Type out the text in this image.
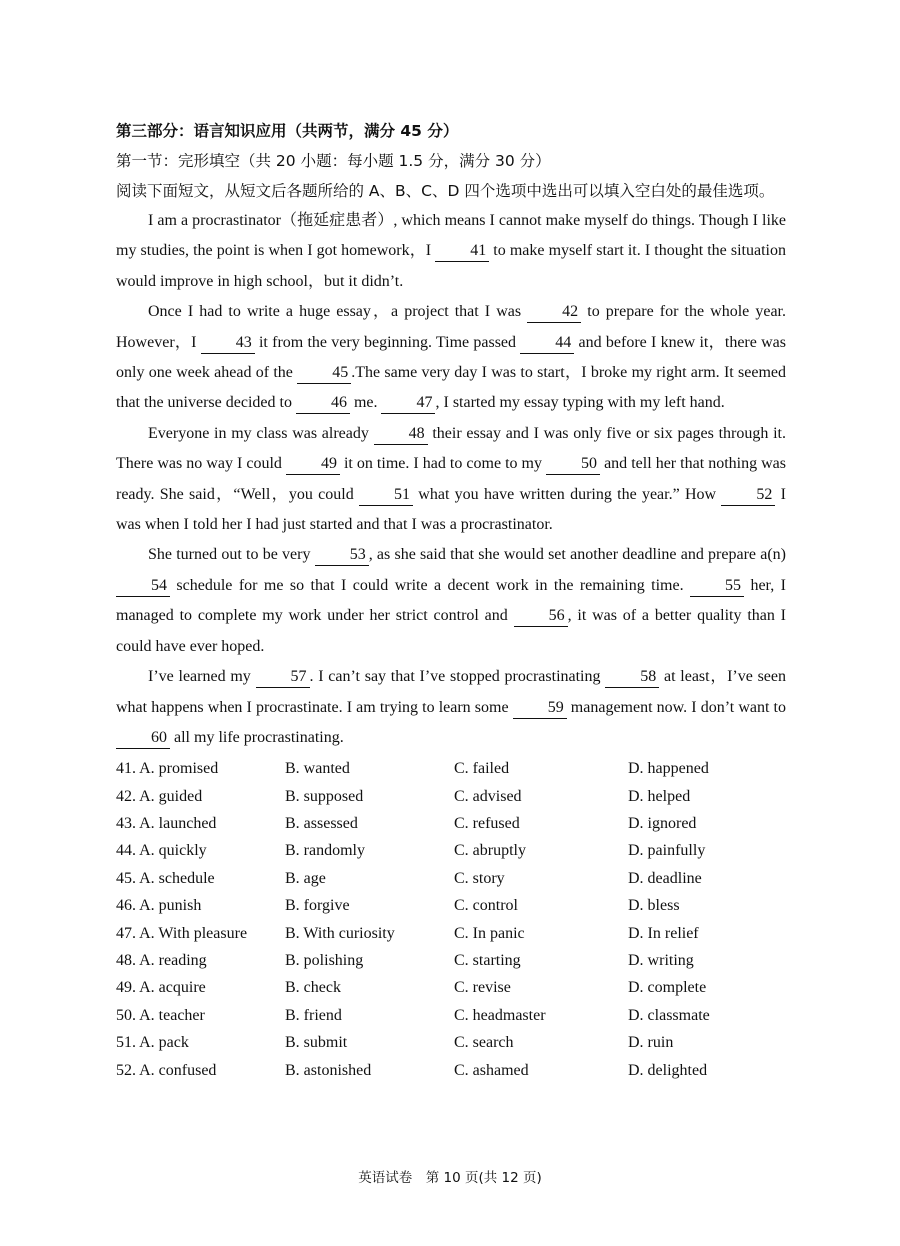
第三部分：语言知识应用（共两节，满分 45 分）

第一节：完形填空（共 20 小题：每小题 1.5 分，满分 30 分）

阅读下面短文，从短文后各题所给的 A、B、C、D 四个选项中选出可以填入空白处的最佳选项。

I am a procrastinator（拖延症患者）, which means I cannot make myself do things. Though I like my studies, the point is when I got homework，I 41 to make myself start it. I thought the situation would improve in high school，but it didn’t.

Once I had to write a huge essay，a project that I was 42 to prepare for the whole year. However，I 43 it from the very beginning. Time passed 44 and before I knew it，there was only one week ahead of the 45 .The same very day I was to start，I broke my right arm. It seemed that the universe decided to 46 me. 47 , I started my essay typing with my left hand.

Everyone in my class was already 48 their essay and I was only five or six pages through it. There was no way I could 49 it on time. I had to come to my 50 and tell her that nothing was ready. She said，“Well，you could 51 what you have written during the year.” How 52 I was when I told her I had just started and that I was a procrastinator.

She turned out to be very 53 , as she said that she would set another deadline and prepare a(n) 54 schedule for me so that I could write a decent work in the remaining time. 55 her, I managed to complete my work under her strict control and 56 , it was of a better quality than I could have ever hoped.

I’ve learned my 57 . I can’t say that I’ve stopped procrastinating 58 at least，I’ve seen what happens when I procrastinate. I am trying to learn some 59 management now. I don’t want to 60 all my life procrastinating.

41. A. promised	B. wanted	C. failed	D. happened
42. A. guided	B. supposed	C. advised	D. helped
43. A. launched	B. assessed	C. refused	D. ignored
44. A. quickly	B. randomly	C. abruptly	D. painfully
45. A. schedule	B. age	C. story	D. deadline
46. A. punish	B. forgive	C. control	D. bless
47. A. With pleasure	B. With curiosity	C. In panic	D. In relief
48. A. reading	B. polishing	C. starting	D. writing
49. A. acquire	B. check	C. revise	D. complete
50. A. teacher	B. friend	C. headmaster	D. classmate
51. A. pack	B. submit	C. search	D. ruin
52. A. confused	B. astonished	C. ashamed	D. delighted
英语试卷　第 10 页(共 12 页)
